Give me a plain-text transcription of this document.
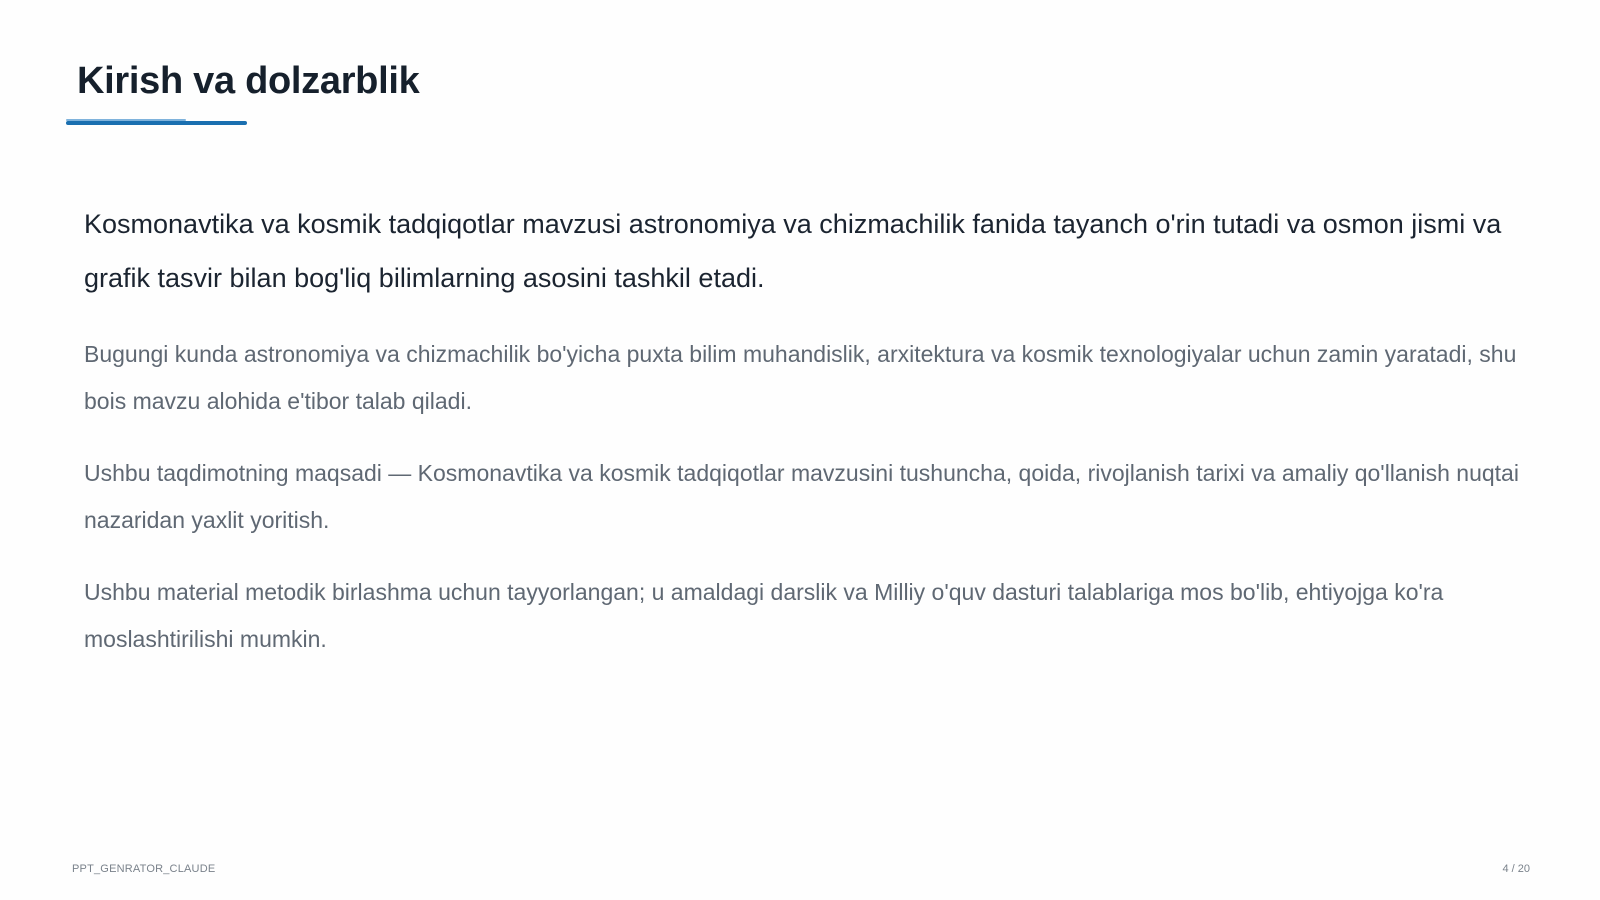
Kirish va dolzarblik

Kosmonavtika va kosmik tadqiqotlar mavzusi astronomiya va chizmachilik fanida tayanch o'rin tutadi va osmon jismi va grafik tasvir bilan bog'liq bilimlarning asosini tashkil etadi.

Bugungi kunda astronomiya va chizmachilik bo'yicha puxta bilim muhandislik, arxitektura va kosmik texnologiyalar uchun zamin yaratadi, shu bois mavzu alohida e'tibor talab qiladi.

Ushbu taqdimotning maqsadi — Kosmonavtika va kosmik tadqiqotlar mavzusini tushuncha, qoida, rivojlanish tarixi va amaliy qo'llanish nuqtai nazaridan yaxlit yoritish.

Ushbu material metodik birlashma uchun tayyorlangan; u amaldagi darslik va Milliy o'quv dasturi talablariga mos bo'lib, ehtiyojga ko'ra moslashtirilishi mumkin.

PPT_GENRATOR_CLAUDE	4 / 20
